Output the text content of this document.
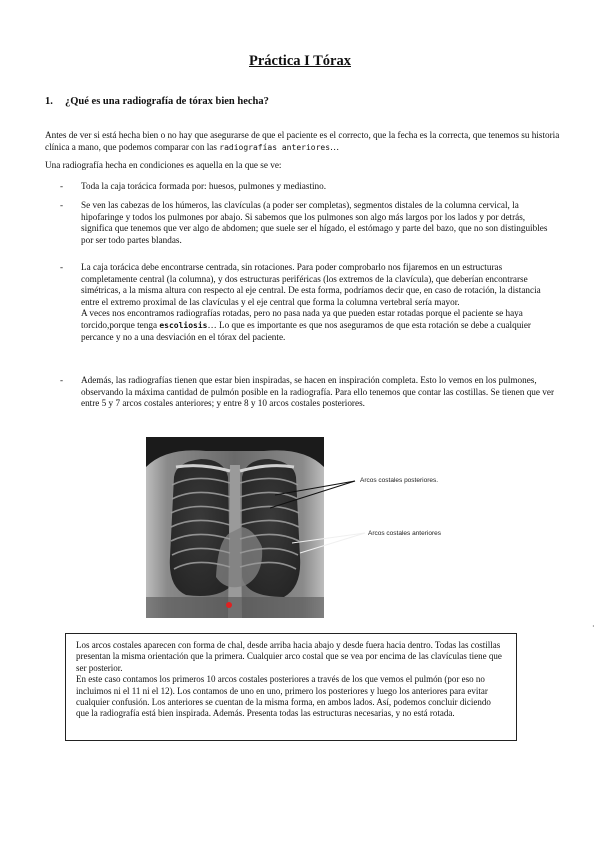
Práctica I Tórax
1. ¿Qué es una radiografía de tórax bien hecha?
Antes de ver si está hecha bien o no hay que asegurarse de que el paciente es el correcto, que la fecha es la correcta, que tenemos su historia clínica a mano, que podemos comparar con las radiografías anteriores…
Una radiografía hecha en condiciones es aquella en la que se ve:
- Toda la caja torácica formada por: huesos, pulmones y mediastino.
- Se ven las cabezas de los húmeros, las clavículas (a poder ser completas), segmentos distales de la columna cervical, la hipofaringe y todos los pulmones por abajo. Si sabemos que los pulmones son algo más largos por los lados y por detrás, significa que tenemos que ver algo de abdomen; que suele ser el hígado, el estómago y parte del bazo, que no son distinguibles por ser todo partes blandas.
- La caja torácica debe encontrarse centrada, sin rotaciones. Para poder comprobarlo nos fijaremos en un estructuras completamente central (la columna), y dos estructuras periféricas (los extremos de la clavícula), que deberían encontrarse simétricas, a la misma altura con respecto al eje central. De esta forma, podríamos decir que, en caso de rotación, la distancia entre el extremo proximal de las clavículas y el eje central que forma la columna vertebral sería mayor.
A veces nos encontramos radiografías rotadas, pero no pasa nada ya que pueden estar rotadas porque el paciente se haya torcido,porque tenga escoliosis… Lo que es importante es que nos aseguramos de que esta rotación se debe a cualquier percance y no a una desviación en el tórax del paciente.
- Además, las radiografías tienen que estar bien inspiradas, se hacen en inspiración completa. Esto lo vemos en los pulmones, observando la máxima cantidad de pulmón posible en la radiografía. Para ello tenemos que contar las costillas. Se tienen que ver entre 5 y 7 arcos costales anteriores; y entre 8 y 10 arcos costales posteriores.
Arcos costales posteriores.
Arcos costales anteriores
·
Los arcos costales aparecen con forma de chal, desde arriba hacia abajo y desde fuera hacia dentro. Todas las costillas presentan la misma orientación que la primera. Cualquier arco costal que se vea por encima de las clavículas tiene que ser posterior.
En este caso contamos los primeros 10 arcos costales posteriores a través de los que vemos el pulmón (por eso no incluimos ni el 11 ni el 12). Los contamos de uno en uno, primero los posteriores y luego los anteriores para evitar cualquier confusión. Los anteriores se cuentan de la misma forma, en ambos lados. Así, podemos concluir diciendo que la radiografía está bien inspirada. Además. Presenta todas las estructuras necesarias, y no está rotada.
